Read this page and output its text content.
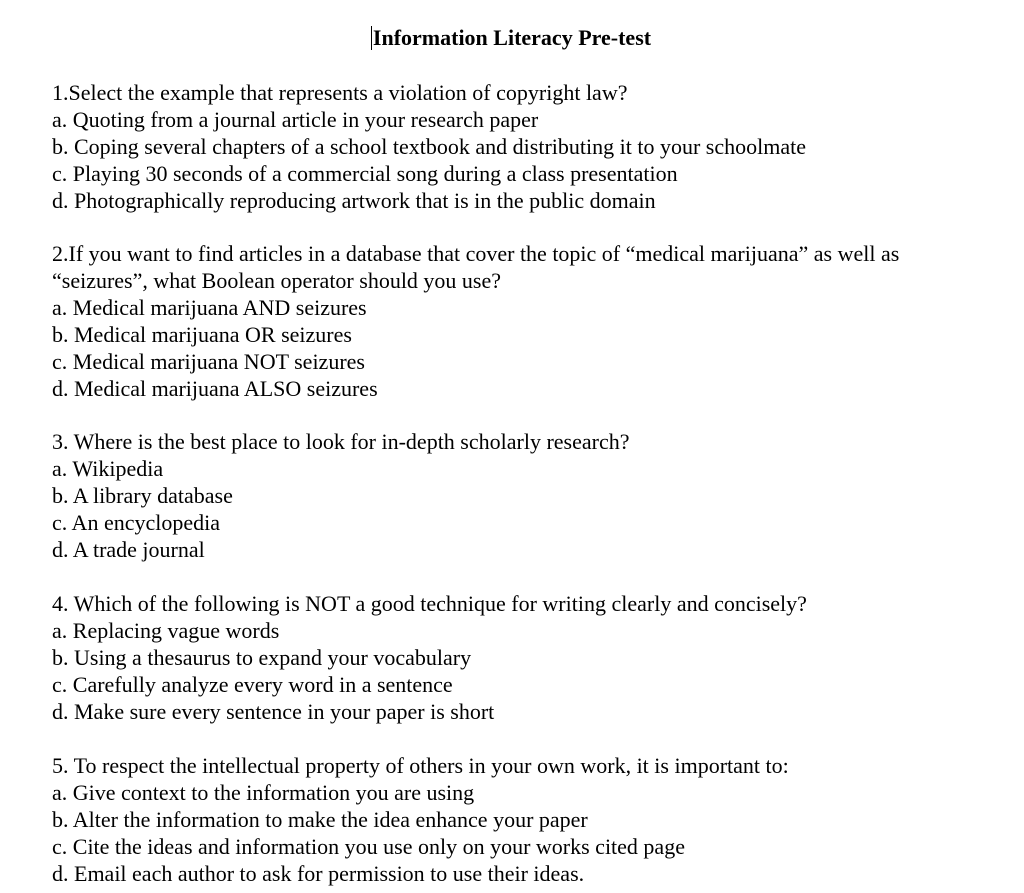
Information Literacy Pre-test
1.Select the example that represents a violation of copyright law?
a. Quoting from a journal article in your research paper
b. Coping several chapters of a school textbook and distributing it to your schoolmate
c. Playing 30 seconds of a commercial song during a class presentation
d. Photographically reproducing artwork that is in the public domain
2.If you want to find articles in a database that cover the topic of “medical marijuana” as well as
“seizures”, what Boolean operator should you use?
a. Medical marijuana AND seizures
b. Medical marijuana OR seizures
c. Medical marijuana NOT seizures
d. Medical marijuana ALSO seizures
3. Where is the best place to look for in-depth scholarly research?
a. Wikipedia
b. A library database
c. An encyclopedia
d. A trade journal
4. Which of the following is NOT a good technique for writing clearly and concisely?
a. Replacing vague words
b. Using a thesaurus to expand your vocabulary
c. Carefully analyze every word in a sentence
d. Make sure every sentence in your paper is short
5. To respect the intellectual property of others in your own work, it is important to:
a. Give context to the information you are using
b. Alter the information to make the idea enhance your paper
c. Cite the ideas and information you use only on your works cited page
d. Email each author to ask for permission to use their ideas.
